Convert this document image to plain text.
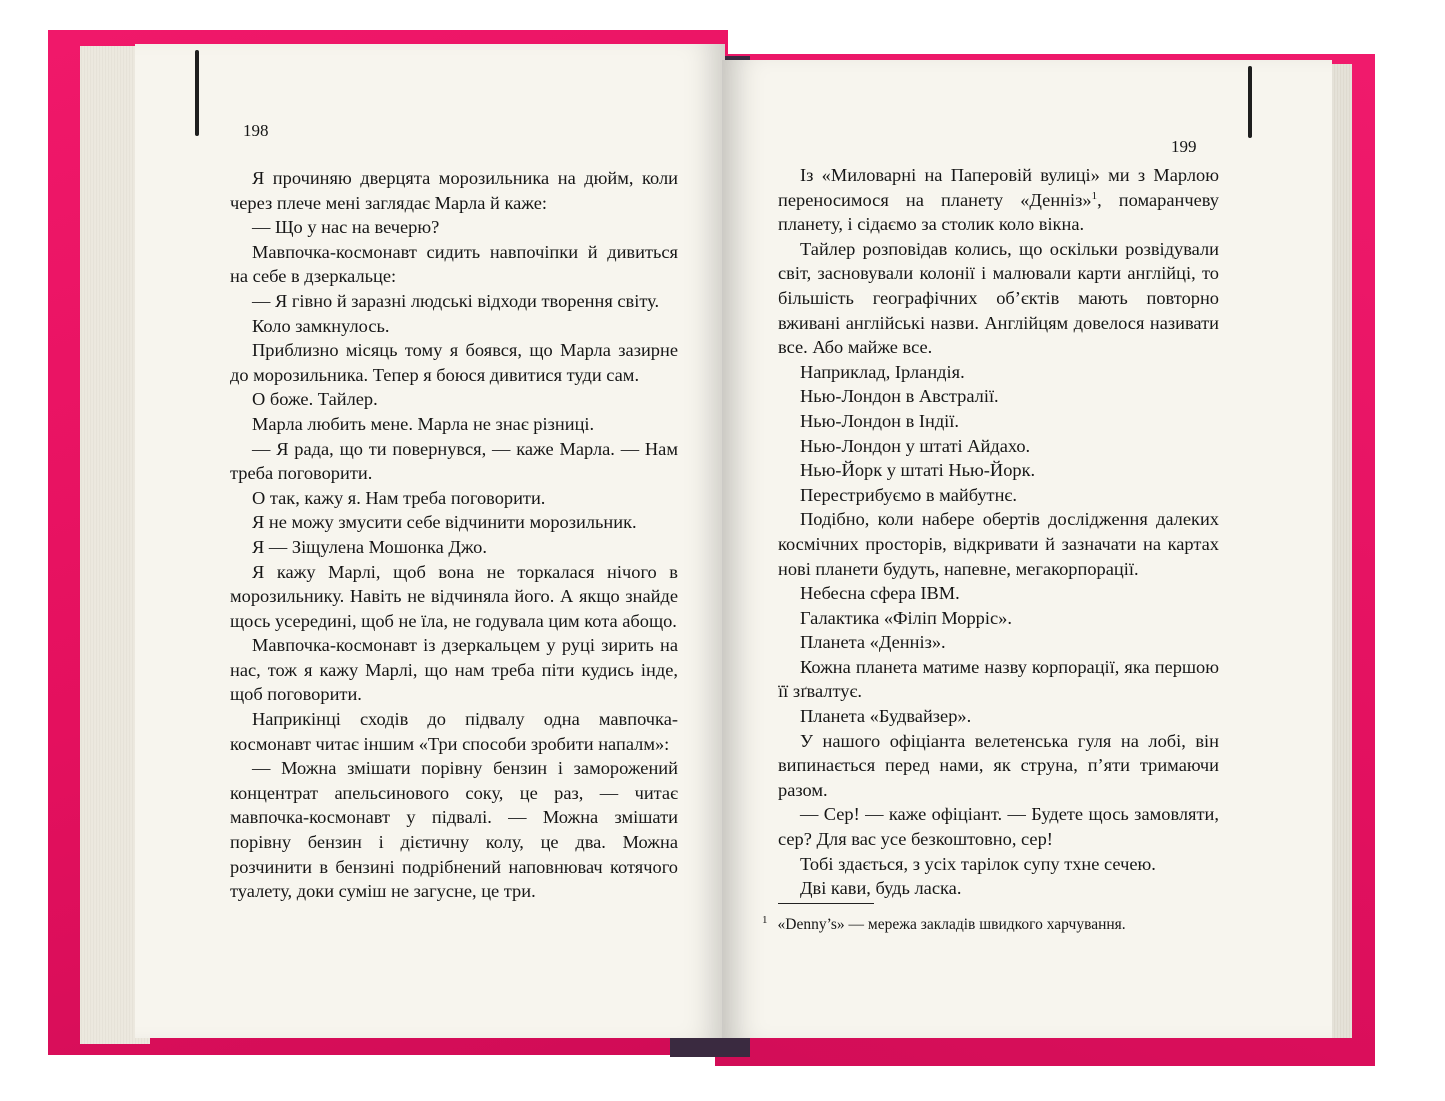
198

Я прочиняю дверцята морозильника на дюйм, коли через плече мені заглядає Марла й каже:

— Що у нас на вечерю?

Мавпочка-космонавт сидить навпочіпки й дивиться на себе в дзеркальце:

— Я гівно й заразні людські відходи творення світу.

Коло замкнулось.

Приблизно місяць тому я боявся, що Марла зазирне до морозильника. Тепер я боюся дивитися туди сам.

О боже. Тайлер.

Марла любить мене. Марла не знає різниці.

— Я рада, що ти повернувся, — каже Марла. — Нам треба поговорити.

О так, кажу я. Нам треба поговорити.

Я не можу змусити себе відчинити морозильник.

Я — Зіщулена Мошонка Джо.

Я кажу Марлі, щоб вона не торкалася нічого в морозильнику. Навіть не відчиняла його. А якщо знайде щось усередині, щоб не їла, не годувала цим кота абощо.

Мавпочка-космонавт із дзеркальцем у руці зирить на нас, тож я кажу Марлі, що нам треба піти кудись інде, щоб поговорити.

Наприкінці сходів до підвалу одна мавпочка-космонавт читає іншим «Три способи зробити напалм»:

— Можна змішати порівну бензин і заморожений концентрат апельсинового соку, це раз, — читає мавпочка-космонавт у підвалі. — Можна змішати порівну бензин і дієтичну колу, це два. Можна розчинити в бензині подрібнений наповнювач котячого туалету, доки суміш не загусне, це три.

199

Із «Миловарні на Паперовій вулиці» ми з Марлою переносимося на планету «Денніз»$^1$, помаранчеву планету, і сідаємо за столик коло вікна.

Тайлер розповідав колись, що оскільки розвідували світ, засновували колонії і малювали карти англійці, то більшість географічних об’єктів мають повторно вживані англійські назви. Англійцям довелося називати все. Або майже все.

Наприклад, Ірландія.

Нью-Лондон в Австралії.

Нью-Лондон в Індії.

Нью-Лондон у штаті Айдахо.

Нью-Йорк у штаті Нью-Йорк.

Перестрибуємо в майбутнє.

Подібно, коли набере обертів дослідження далеких космічних просторів, відкривати й зазначати на картах нові планети будуть, напевне, мегакорпорації.

Небесна сфера IBM.

Галактика «Філіп Морріс».

Планета «Денніз».

Кожна планета матиме назву корпорації, яка першою її зґвалтує.

Планета «Будвайзер».

У нашого офіціанта велетенська гуля на лобі, він випинається перед нами, як струна, п’яти тримаючи разом.

— Сер! — каже офіціант. — Будете щось замовляти, сер? Для вас усе безкоштовно, сер!

Тобі здається, з усіх тарілок супу тхне сечею.

Дві кави, будь ласка.

$^1$ «Denny’s» — мережа закладів швидкого харчування.
